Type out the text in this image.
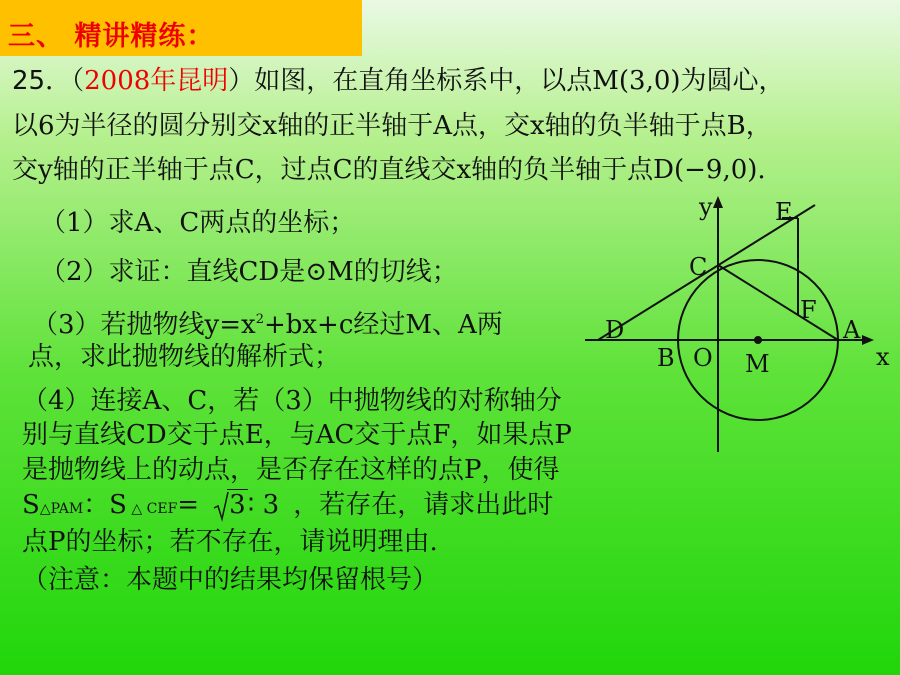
三、 精讲精练：
25．（2008年昆明）如图，在直角坐标系中，以点M(3,0)为圆心，
以6为半径的圆分别交x轴的正半轴于A点，交x轴的负半轴于点B，
交y轴的正半轴于点C，过点C的直线交x轴的负半轴于点D(−9,0).
（1）求A、C两点的坐标；
（2）求证：直线CD是⊙M的切线；
（3）若抛物线$y=x^2+bx+c$经过M、A两
点，求此抛物线的解析式；
（4）连接A、C，若（3）中抛物线的对称轴分
别与直线CD交于点E，与AC交于点F，如果点P
是抛物线上的动点，是否存在这样的点P，使得
S△PAM：S △ CEF= 3∶ 3 ，若存在，请求出此时
点P的坐标；若不存在，请说明理由.
（注意：本题中的结果均保留根号）
y
x
E
C
F
D	A
B O M
